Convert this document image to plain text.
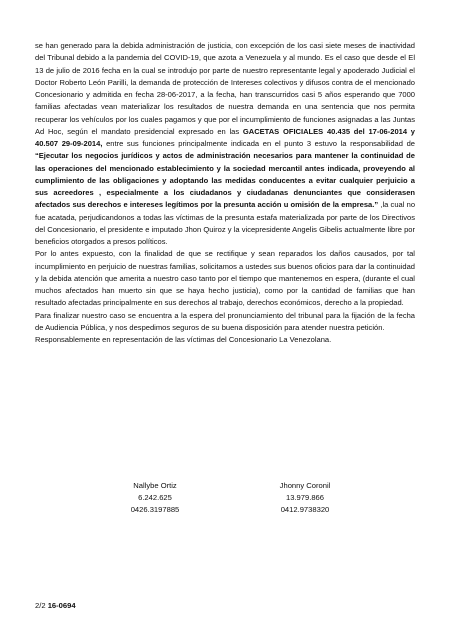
se han generado para la debida administración de justicia, con excepción de los casi siete meses de inactividad del Tribunal debido a la pandemia del COVID-19, que azota a Venezuela y al mundo. Es el caso que desde el El 13 de julio de 2016 fecha en la cual se introdujo por parte de nuestro representante legal y apoderado Judicial el Doctor Roberto León Parilli, la demanda de protección de Intereses colectivos y difusos contra de el mencionado Concesionario y admitida en fecha 28-06-2017, a la fecha, han transcurridos casi 5 años esperando que 7000 familias afectadas vean materializar los resultados de nuestra demanda en una sentencia que nos permita recuperar los vehículos por los cuales pagamos y que por el incumplimiento de funciones asignadas a las Juntas Ad Hoc, según el mandato presidencial expresado en las GACETAS OFICIALES 40.435 del 17-06-2014 y 40.507 29-09-2014, entre sus funciones principalmente indicada en el punto 3 estuvo la responsabilidad de “Ejecutar los negocios jurídicos y actos de administración necesarios para mantener la continuidad de las operaciones del mencionado establecimiento y la sociedad mercantil antes indicada, proveyendo al cumplimiento de las obligaciones y adoptando las medidas conducentes a evitar cualquier perjuicio a sus acreedores , especialmente a los ciudadanos y ciudadanas denunciantes que considerasen afectados sus derechos e intereses legítimos por la presunta acción u omisión de la empresa.” ,la cual no fue acatada, perjudicandonos a todas las víctimas de la presunta estafa materializada por parte de los Directivos del Concesionario, el presidente e imputado Jhon Quiroz y la vicepresidente Angelis Gibelis actualmente libre por beneficios otorgados a presos políticos.

Por lo antes expuesto, con la finalidad de que se rectifique y sean reparados los daños causados, por tal incumplimiento en perjuicio de nuestras familias, solicitamos a ustedes sus buenos oficios para dar la continuidad y la debida atención que amerita a nuestro caso tanto por el tiempo que mantenemos en espera, (durante el cual muchos afectados han muerto sin que se haya hecho justicia), como por la cantidad de familias que han resultado afectadas principalmente en sus derechos al trabajo, derechos económicos, derecho a la propiedad.

Para finalizar nuestro caso se encuentra a la espera del pronunciamiento del tribunal para la fijación de la fecha de Audiencia Pública, y nos despedimos seguros de su buena disposición para atender nuestra petición.

Responsablemente en representación de las víctimas del Concesionario La Venezolana.

Nallybe Ortiz
6.242.625
0426.3197885
Jhonny Coronil
13.979.866
0412.9738320
2/2 16-0694
